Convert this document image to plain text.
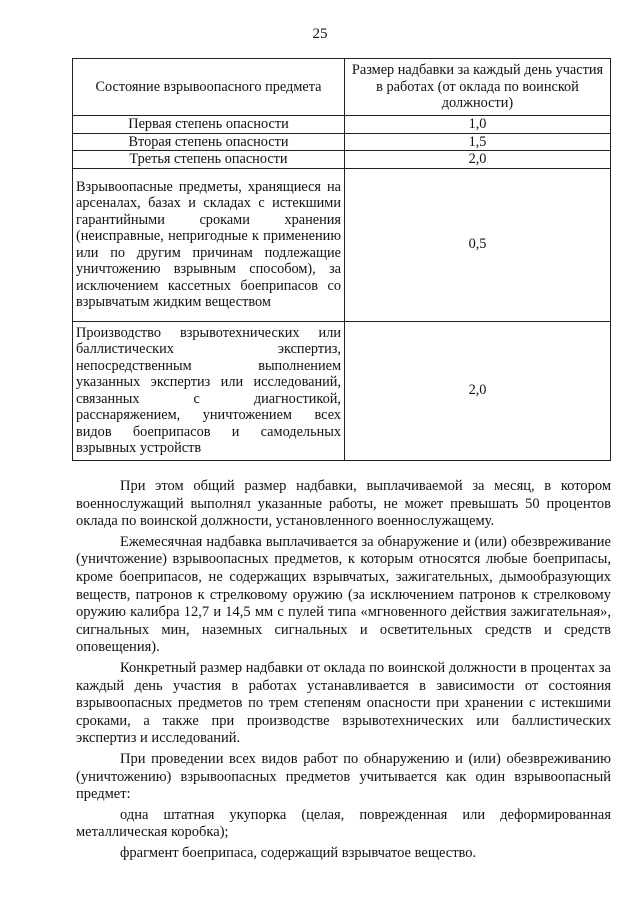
25
Состояние взрывоопасного предмета	Размер надбавки за каждый день участия в работах (от оклада по воинской должности)
Первая степень опасности	1,0
Вторая степень опасности	1,5
Третья степень опасности	2,0
Взрывоопасные предметы, хранящиеся на арсеналах, базах и складах с истекшими гарантийными сроками хранения (неисправные, непригодные к применению или по другим причинам подлежащие уничтожению взрывным способом), за исключением кассетных боеприпасов со взрывчатым жидким веществом	0,5
Производство взрывотехнических или баллистических экспертиз, непосредственным выполнением указанных экспертиз или исследований, связанных с диагностикой, расснаряжением, уничтожением всех видов боеприпасов и самодельных взрывных устройств	2,0

При этом общий размер надбавки, выплачиваемой за месяц, в котором военнослужащий выполнял указанные работы, не может превышать 50 процентов оклада по воинской должности, установленного военнослужащему.

Ежемесячная надбавка выплачивается за обнаружение и (или) обезвреживание (уничтожение) взрывоопасных предметов, к которым относятся любые боеприпасы, кроме боеприпасов, не содержащих взрывчатых, зажигательных, дымообразующих веществ, патронов к стрелковому оружию (за исключением патронов к стрелковому оружию калибра 12,7 и 14,5 мм с пулей типа «мгновенного действия зажигательная», сигнальных мин, наземных сигнальных и осветительных средств и средств оповещения).

Конкретный размер надбавки от оклада по воинской должности в процентах за каждый день участия в работах устанавливается в зависимости от состояния взрывоопасных предметов по трем степеням опасности при хранении с истекшими сроками, а также при производстве взрывотехнических или баллистических экспертиз и исследований.

При проведении всех видов работ по обнаружению и (или) обезвреживанию (уничтожению) взрывоопасных предметов учитывается как один взрывоопасный предмет:

одна штатная укупорка (целая, поврежденная или деформированная металлическая коробка);

фрагмент боеприпаса, содержащий взрывчатое вещество.
